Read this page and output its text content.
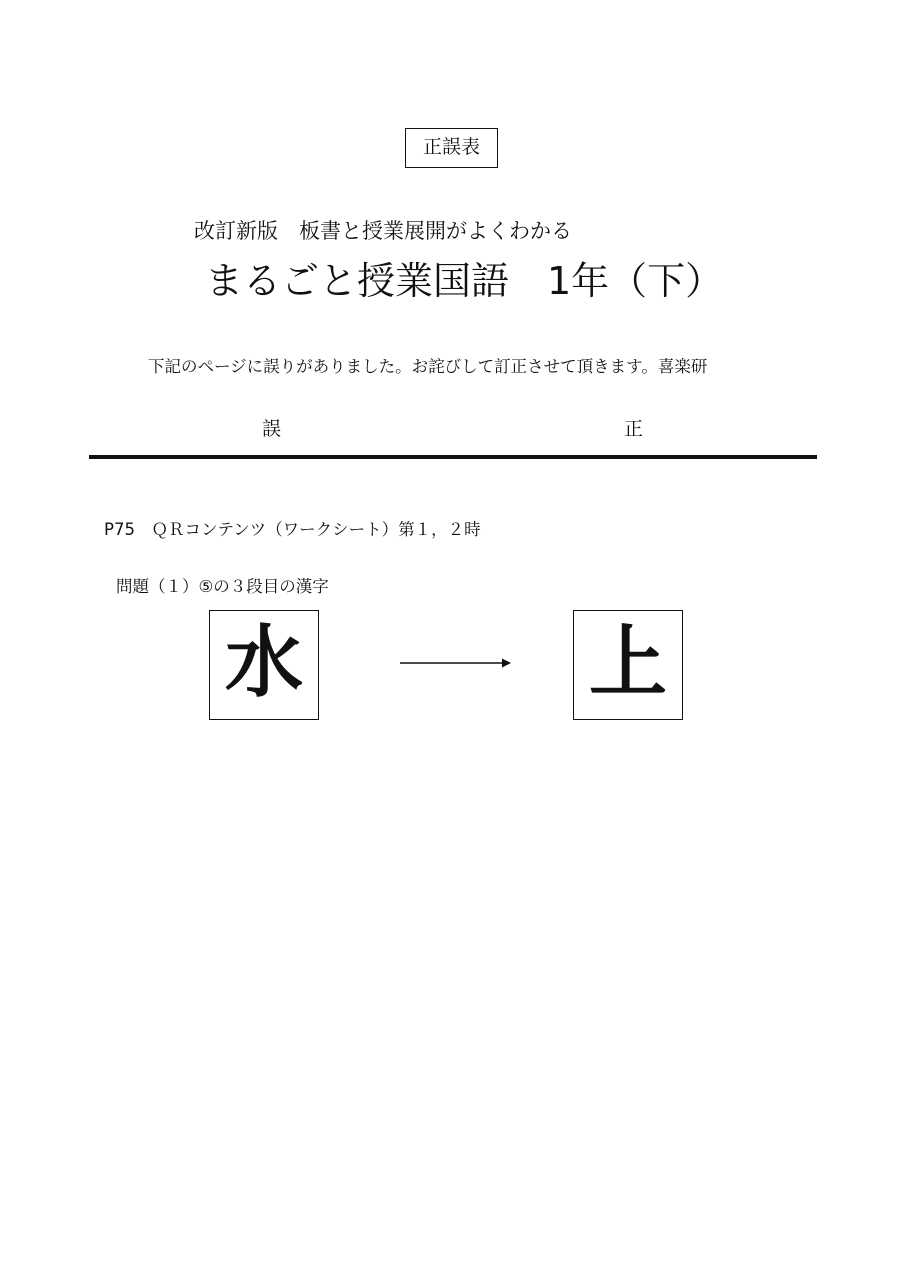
正誤表
改訂新版　板書と授業展開がよくわかる
まるごと授業国語　1年（下）
下記のページに誤りがありました。お詫びして訂正させて頂きます。喜楽研
誤	正
P75　ＱＲコンテンツ（ワークシート）第１，２時
問題（１）⑤の３段目の漢字
水	上
